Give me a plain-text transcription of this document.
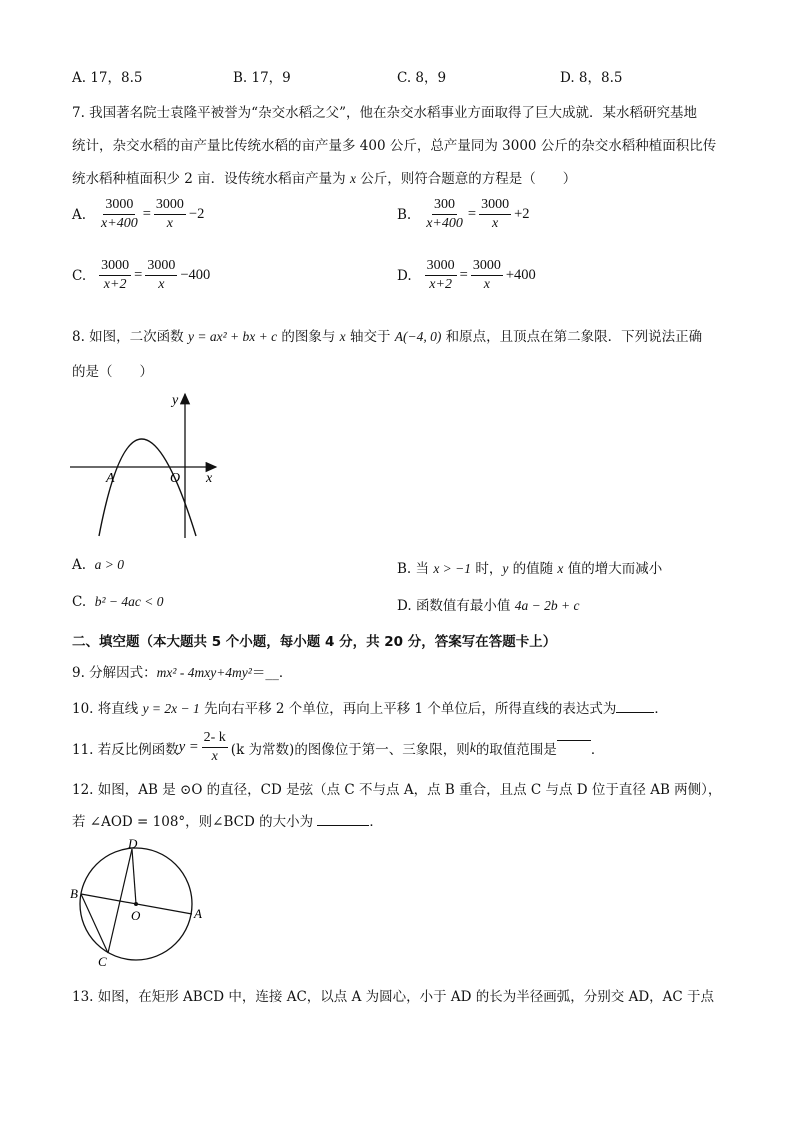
A. 17，8.5	B. 17，9	C. 8，9	D. 8，8.5
7. 我国著名院士袁隆平被誉为“杂交水稻之父”，他在杂交水稻事业方面取得了巨大成就．某水稻研究基地
统计，杂交水稻的亩产量比传统水稻的亩产量多 400 公斤，总产量同为 3000 公斤的杂交水稻种植面积比传
统水稻种植面积少 2 亩．设传统水稻亩产量为 x 公斤，则符合题意的方程是（　　）
A. $\frac{3000}{x+400} = \frac{3000}{x} -2$	B. $\frac{300}{x+400} = \frac{3000}{x} +2$
C. $\frac{3000}{x+2} = \frac{3000}{x} -400$	D. $\frac{3000}{x+2} = \frac{3000}{x} +400$
8. 如图，二次函数 y = ax² + bx + c 的图象与 x 轴交于 A(−4, 0) 和原点，且顶点在第二象限．下列说法正确
的是（　　）
y
x
A	O
A. a > 0	B. 当 x > −1 时，y 的值随 x 值的增大而减小
C. b² − 4ac < 0	D. 函数值有最小值 4a − 2b + c
二、填空题（本大题共 5 个小题，每小题 4 分，共 20 分，答案写在答题卡上）
9. 分解因式：mx² - 4mxy+4my²＝__．
10. 将直线 y = 2x − 1 先向右平移 2 个单位，再向上平移 1 个单位后，所得直线的表达式为	．
11. 若反比例函数 $y = \frac{2- k}{x} (k$ 为常数) 的图像位于第一、三象限，则 k 的取值范围是	．
12. 如图，AB 是 ⊙O 的直径，CD 是弦（点 C 不与点 A，点 B 重合，且点 C 与点 D 位于直径 AB 两侧），
若 ∠AOD = 108°，则∠BCD 的大小为	．
D
B
O	A
C
13. 如图，在矩形 ABCD 中，连接 AC，以点 A 为圆心，小于 AD 的长为半径画弧，分别交 AD，AC 于点
